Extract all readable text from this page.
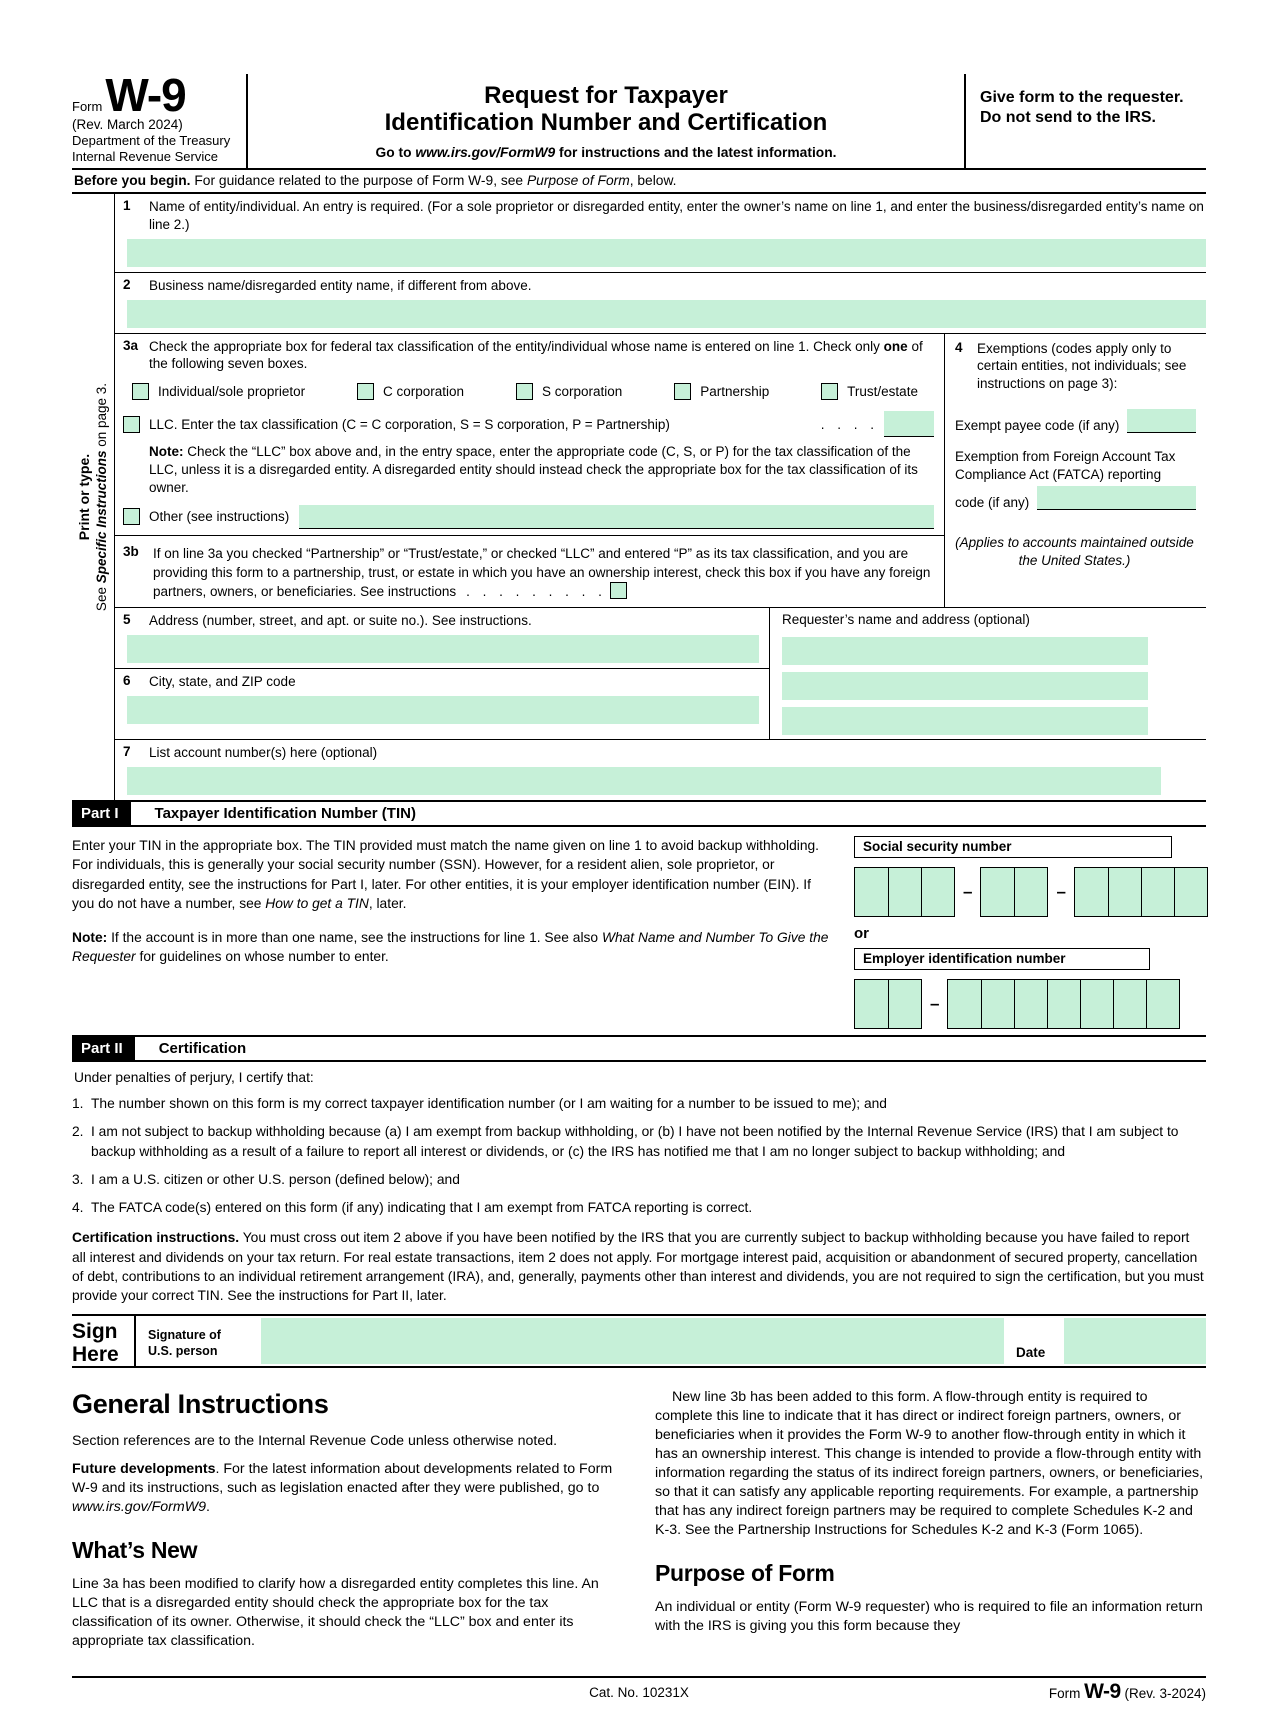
Form W-9
(Rev. March 2024)
Department of the Treasury
Internal Revenue Service
Request for Taxpayer
Identification Number and Certification
Go to www.irs.gov/FormW9 for instructions and the latest information.
Give form to the requester. Do not send to the IRS.
Before you begin. For guidance related to the purpose of Form W-9, see Purpose of Form, below.
Print or type.
See Specific Instructions on page 3.
1	Name of entity/individual. An entry is required. (For a sole proprietor or disregarded entity, enter the owner’s name on line 1, and enter the business/disregarded entity’s name on line 2.)
2	Business name/disregarded entity name, if different from above.
3a Check the appropriate box for federal tax classification of the entity/individual whose name is entered on line 1. Check only one of the following seven boxes.
Individual/sole proprietor	C corporation	S corporation	Partnership	Trust/estate
LLC. Enter the tax classification (C = C corporation, S = S corporation, P = Partnership)	. . . .
Note: Check the “LLC” box above and, in the entry space, enter the appropriate code (C, S, or P) for the tax classification of the LLC, unless it is a disregarded entity. A disregarded entity should instead check the appropriate box for the tax classification of its owner.
Other (see instructions)
3b	If on line 3a you checked “Partnership” or “Trust/estate,” or checked “LLC” and entered “P” as its tax classification, and you are providing this form to a partnership, trust, or estate in which you have an ownership interest, check this box if you have any foreign partners, owners, or beneficiaries. See instructions . . . . . . . . .
4	Exemptions (codes apply only to certain entities, not individuals; see instructions on page 3):
Exempt payee code (if any)
Exemption from Foreign Account Tax Compliance Act (FATCA) reporting
code (if any)
(Applies to accounts maintained outside the United States.)
5	Address (number, street, and apt. or suite no.). See instructions.
6	City, state, and ZIP code
Requester’s name and address (optional)
7	List account number(s) here (optional)
Part I	Taxpayer Identification Number (TIN)
Enter your TIN in the appropriate box. The TIN provided must match the name given on line 1 to avoid backup withholding. For individuals, this is generally your social security number (SSN). However, for a resident alien, sole proprietor, or disregarded entity, see the instructions for Part I, later. For other entities, it is your employer identification number (EIN). If you do not have a number, see How to get a TIN, later.
Note: If the account is in more than one name, see the instructions for line 1. See also What Name and Number To Give the Requester for guidelines on whose number to enter.
Social security number
–	–
or
Employer identification number
–
Part II	Certification
Under penalties of perjury, I certify that:
1. The number shown on this form is my correct taxpayer identification number (or I am waiting for a number to be issued to me); and
2. I am not subject to backup withholding because (a) I am exempt from backup withholding, or (b) I have not been notified by the Internal Revenue Service (IRS) that I am subject to backup withholding as a result of a failure to report all interest or dividends, or (c) the IRS has notified me that I am no longer subject to backup withholding; and
3. I am a U.S. citizen or other U.S. person (defined below); and
4. The FATCA code(s) entered on this form (if any) indicating that I am exempt from FATCA reporting is correct.
Certification instructions. You must cross out item 2 above if you have been notified by the IRS that you are currently subject to backup withholding because you have failed to report all interest and dividends on your tax return. For real estate transactions, item 2 does not apply. For mortgage interest paid, acquisition or abandonment of secured property, cancellation of debt, contributions to an individual retirement arrangement (IRA), and, generally, payments other than interest and dividends, you are not required to sign the certification, but you must provide your correct TIN. See the instructions for Part II, later.
Sign
Here
Signature of
U.S. person	Date
General Instructions

Section references are to the Internal Revenue Code unless otherwise noted.

Future developments. For the latest information about developments related to Form W-9 and its instructions, such as legislation enacted after they were published, go to www.irs.gov/FormW9.

What’s New

Line 3a has been modified to clarify how a disregarded entity completes this line. An LLC that is a disregarded entity should check the appropriate box for the tax classification of its owner. Otherwise, it should check the “LLC” box and enter its appropriate tax classification.

New line 3b has been added to this form. A flow-through entity is required to complete this line to indicate that it has direct or indirect foreign partners, owners, or beneficiaries when it provides the Form W-9 to another flow-through entity in which it has an ownership interest. This change is intended to provide a flow-through entity with information regarding the status of its indirect foreign partners, owners, or beneficiaries, so that it can satisfy any applicable reporting requirements. For example, a partnership that has any indirect foreign partners may be required to complete Schedules K-2 and K-3. See the Partnership Instructions for Schedules K-2 and K-3 (Form 1065).

Purpose of Form

An individual or entity (Form W-9 requester) who is required to file an information return with the IRS is giving you this form because they

Cat. No. 10231X	Form W-9 (Rev. 3-2024)
